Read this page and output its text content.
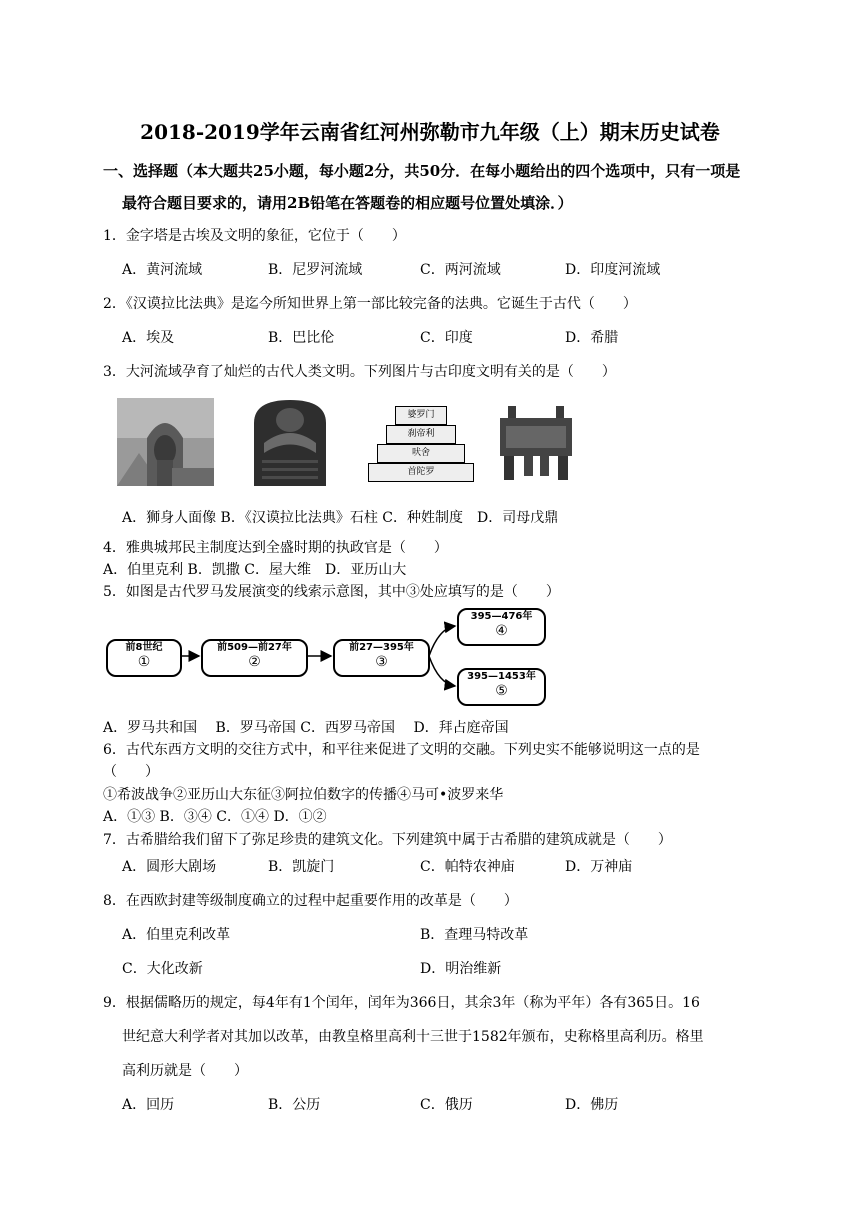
2018-2019学年云南省红河州弥勒市九年级（上）期末历史试卷
一、选择题（本大题共25小题，每小题2分，共50分．在每小题给出的四个选项中，只有一项是
最符合题目要求的，请用2B铅笔在答题卷的相应题号位置处填涂．）
1．金字塔是古埃及文明的象征，它位于（　　）
A．黄河流域	B．尼罗河流域	C．两河流域	D．印度河流域
2．《汉谟拉比法典》是迄今所知世界上第一部比较完备的法典。它诞生于古代（　　）
A．埃及	B．巴比伦	C．印度	D．希腊
3．大河流域孕育了灿烂的古代人类文明。下列图片与古印度文明有关的是（　　）
婆罗门
刹帝利
吠舍
首陀罗
A．狮身人面像 B．《汉谟拉比法典》石柱 C．种姓制度　D．司母戊鼎
4．雅典城邦民主制度达到全盛时期的执政官是（　　）
A．伯里克利 B．凯撒 C．屋大维　D．亚历山大
5．如图是古代罗马发展演变的线索示意图，其中③处应填写的是（　　）
前8世纪
①
前509—前27年
②
前27—395年
③
395—476年
④
395—1453年
⑤
A．罗马共和国　 B．罗马帝国 C．西罗马帝国　 D．拜占庭帝国
6．古代东西方文明的交往方式中，和平往来促进了文明的交融。下列史实不能够说明这一点的是
（　　）
①希波战争②亚历山大东征③阿拉伯数字的传播④马可•波罗来华
A．①③ B．③④ C．①④ D．①②
7．古希腊给我们留下了弥足珍贵的建筑文化。下列建筑中属于古希腊的建筑成就是（　　）
A．圆形大剧场	B．凯旋门	C．帕特农神庙	D．万神庙
8．在西欧封建等级制度确立的过程中起重要作用的改革是（　　）
A．伯里克利改革	B．查理马特改革
C．大化改新	D．明治维新
9．根据儒略历的规定，每4年有1个闰年，闰年为366日，其余3年（称为平年）各有365日。16
世纪意大利学者对其加以改革，由教皇格里高利十三世于1582年颁布，史称格里高利历。格里
高利历就是（　　）
A．回历	B．公历	C．俄历	D．佛历
